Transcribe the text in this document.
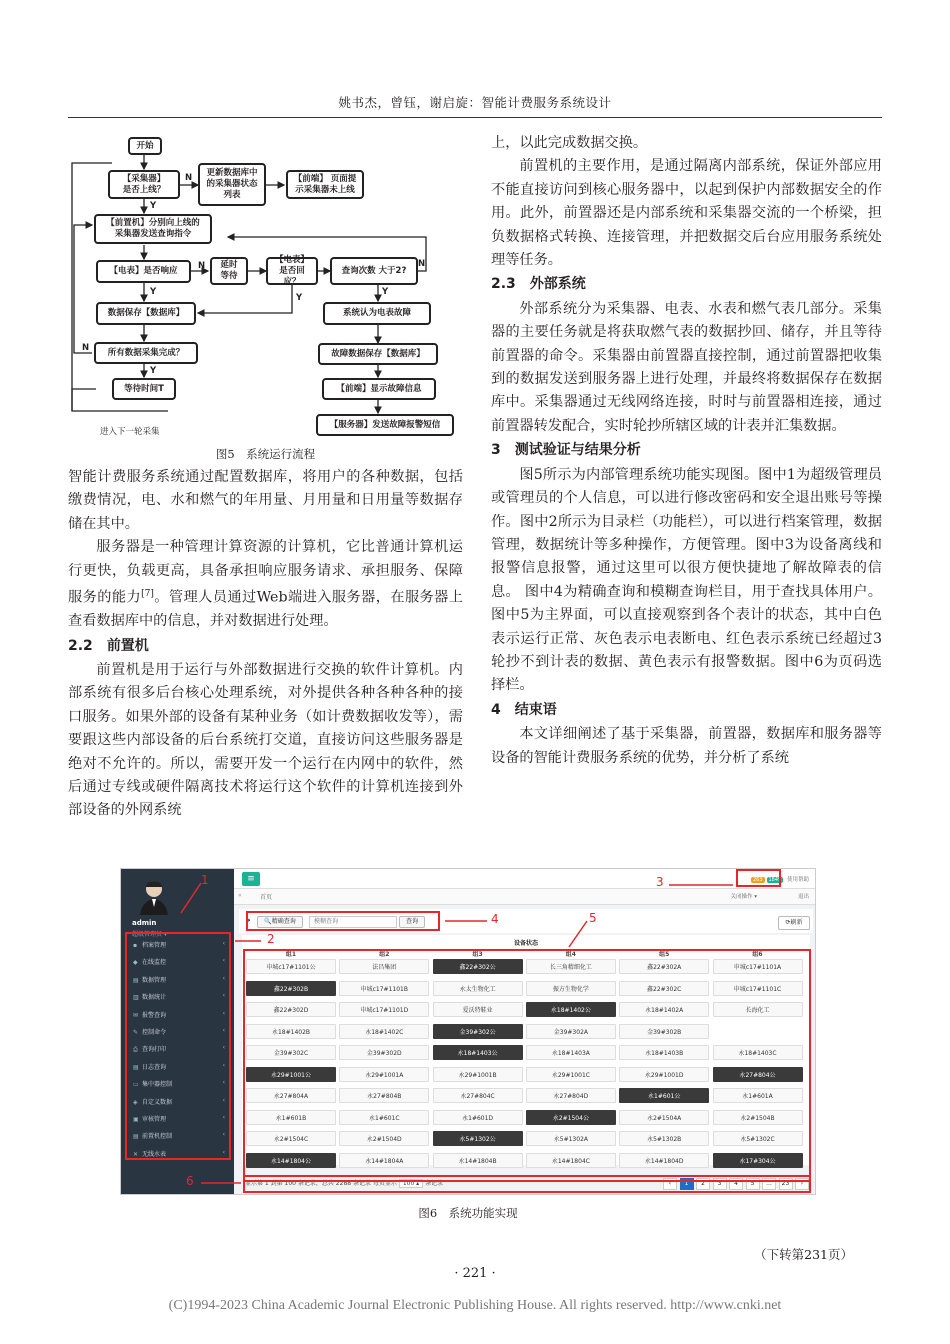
姚书杰，曾钰，谢启旋：智能计费服务系统设计
开始
【采集器】
是否上线？
更新数据库中
的采集器状态
列表
【前端】 页面提
示采集器未上线
【前置机】分别向上线的
采集器发送查询指令
【电表】是否响应
延时
等待
【电表】
是否回应？
查询次数 大于2?
数据保存【数据库】	系统认为电表故障
所有数据采集完成？	故障数据保存【数据库】
等待时间T	【前端】显示故障信息
【服务器】发送故障报警短信
进入下一轮采集
N
Y
N
Y
Y
N
Y
N
Y
图5　系统运行流程

智能计费服务系统通过配置数据库，将用户的各种数据，包括缴费情况，电、水和燃气的年用量、月用量和日用量等数据存储在其中。

服务器是一种管理计算资源的计算机，它比普通计算机运行更快，负载更高，具备承担响应服务请求、承担服务、保障服务的能力[7]。管理人员通过Web端进入服务器，在服务器上查看数据库中的信息，并对数据进行处理。

2.2 前置机

前置机是用于运行与外部数据进行交换的软件计算机。内部系统有很多后台核心处理系统，对外提供各种各种各种的接口服务。如果外部的设备有某种业务（如计费数据收发等），需要跟这些内部设备的后台系统打交道，直接访问这些服务器是绝对不允许的。所以，需要开发一个运行在内网中的软件，然后通过专线或硬件隔离技术将运行这个软件的计算机连接到外部设备的外网系统

上，以此完成数据交换。

前置机的主要作用，是通过隔离内部系统，保证外部应用不能直接访问到核心服务器中，以起到保护内部数据安全的作用。此外，前置器还是内部系统和采集器交流的一个桥梁，担负数据格式转换、连接管理，并把数据交后台应用服务系统处理等任务。

2.3 外部系统

外部系统分为采集器、电表、水表和燃气表几部分。采集器的主要任务就是将获取燃气表的数据抄回、储存，并且等待前置器的命令。采集器由前置器直接控制，通过前置器把收集到的数据发送到服务器上进行处理，并最终将数据保存在数据库中。采集器通过无线网络连接，时时与前置器相连接，通过前置器转发配合，实时轮抄所辖区域的计表并汇集数据。

3 测试验证与结果分析

图5所示为内部管理系统功能实现图。图中1为超级管理员或管理员的个人信息，可以进行修改密码和安全退出账号等操作。图中2所示为目录栏（功能栏），可以进行档案管理，数据管理，数据统计等多种操作，方便管理。图中3为设备离线和报警信息报警，通过这里可以很方便快捷地了解故障表的信息。 图中4为精确查询和模糊查询栏目，用于查找具体用户。图中5为主界面，可以直接观察到各个表计的状态，其中白色表示运行正常、灰色表示电表断电、红色表示系统已经超过3轮抄不到计表的数据、黄色表示有报警数据。图中6为页码选择栏。

4 结束语

本文详细阐述了基于采集器，前置器，数据库和服务器等设备的智能计费服务系统的优势，并分析了系统

admin
超级管理员 ▾
▪ 档案管理	‹
◆ 在线监控	‹
▤ 数据管理	‹
▥ 数据统计	‹
✉ 报警查询	‹
✎ 控制命令	‹
⎙ 查询打印	‹
▤ 日志查询	‹
▭ 集中器控制	‹
◈ 自定义数据	‹
▣ 审核管理	‹
▤ 前置机控制	‹
✕ 无线水表	‹
≡	263 1849 使用帮助
«	首页	关闭操作 ▾	退出
➜	🔍精确查询
模糊查询	查询	⟳刷新
设备状态
组1	组2	组3	组4	组5	组6
申城c17#1101公	法昌集团	鑫22#302公	长三角精细化工	鑫22#302A	申城c17#1101A
鑫22#302B	申城c17#1101B	永太生物化工	振方生物化学	鑫22#302C	申城c17#1101C
鑫22#302D	申城c17#1101D	爱沃特鞋业	永18#1402公	永18#1402A	长海化工
永18#1402B	永18#1402C	金39#302公	金39#302A	金39#302B
金39#302C	金39#302D	永18#1403公	永18#1403A	永18#1403B	永18#1403C
永29#1001公	永29#1001A	永29#1001B	永29#1001C	永29#1001D	永27#804公
永27#804A	永27#804B	永27#804C	永27#804D	永1#601公	永1#601A
永1#601B	永1#601C	永1#601D	永2#1504公	永2#1504A	永2#1504B
永2#1504C	永2#1504D	永5#1302公	永5#1302A	永5#1302B	永5#1302C
永14#1804公	永14#1804A	永14#1804B	永14#1804C	永14#1804D	永17#304公
显示第 1 到第 100 条记录，总共 2288 条记录 每页显示 100 ▴ 条记录	‹	1	2	3	4	5	...	23	›
1
2
3
4	5
6
图6　系统功能实现
（下转第231页）
· 221 ·
(C)1994-2023 China Academic Journal Electronic Publishing House. All rights reserved. http://www.cnki.net
